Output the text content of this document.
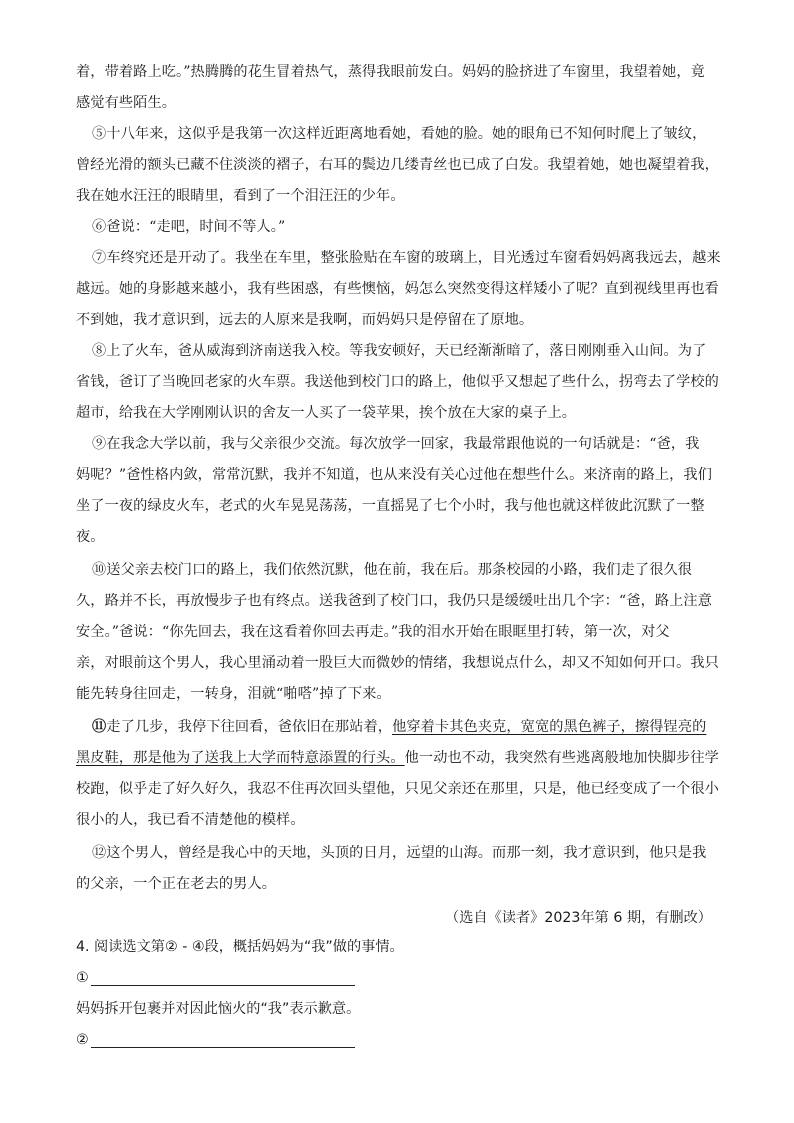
着，带着路上吃。”热腾腾的花生冒着热气，蒸得我眼前发白。妈妈的脸挤进了车窗里，我望着她，竟
感觉有些陌生。
⑤十八年来，这似乎是我第一次这样近距离地看她，看她的脸。她的眼角已不知何时爬上了皱纹，
曾经光滑的额头已藏不住淡淡的褶子，右耳的鬓边几缕青丝也已成了白发。我望着她，她也凝望着我，
我在她水汪汪的眼睛里，看到了一个泪汪汪的少年。
⑥爸说：“走吧，时间不等人。”
⑦车终究还是开动了。我坐在车里，整张脸贴在车窗的玻璃上，目光透过车窗看妈妈离我远去，越来
越远。她的身影越来越小，我有些困惑，有些懊恼，妈怎么突然变得这样矮小了呢？直到视线里再也看
不到她，我才意识到，远去的人原来是我啊，而妈妈只是停留在了原地。
⑧上了火车，爸从威海到济南送我入校。等我安顿好，天已经渐渐暗了，落日刚刚垂入山间。为了
省钱，爸订了当晚回老家的火车票。我送他到校门口的路上，他似乎又想起了些什么，拐弯去了学校的
超市，给我在大学刚刚认识的舍友一人买了一袋苹果，挨个放在大家的桌子上。
⑨在我念大学以前，我与父亲很少交流。每次放学一回家，我最常跟他说的一句话就是：“爸，我
妈呢？”爸性格内敛，常常沉默，我并不知道，也从来没有关心过他在想些什么。来济南的路上，我们
坐了一夜的绿皮火车，老式的火车晃晃荡荡，一直摇晃了七个小时，我与他也就这样彼此沉默了一整
夜。
⑩送父亲去校门口的路上，我们依然沉默，他在前，我在后。那条校园的小路，我们走了很久很
久，路并不长，再放慢步子也有终点。送我爸到了校门口，我仍只是缓缓吐出几个字：“爸，路上注意
安全。”爸说：“你先回去，我在这看着你回去再走。”我的泪水开始在眼眶里打转，第一次，对父
亲，对眼前这个男人，我心里涌动着一股巨大而微妙的情绪，我想说点什么，却又不知如何开口。我只
能先转身往回走，一转身，泪就“啪嗒”掉了下来。
⑪走了几步，我停下往回看，爸依旧在那站着，他穿着卡其色夹克，宽宽的黑色裤子，擦得锃亮的
黑皮鞋，那是他为了送我上大学而特意添置的行头。他一动也不动，我突然有些逃离般地加快脚步往学
校跑，似乎走了好久好久，我忍不住再次回头望他，只见父亲还在那里，只是，他已经变成了一个很小
很小的人，我已看不清楚他的模样。
⑫这个男人，曾经是我心中的天地，头顶的日月，远望的山海。而那一刻，我才意识到，他只是我
的父亲，一个正在老去的男人。
（选自《读者》2023年第 6 期，有删改）
4. 阅读选文第② - ④段，概括妈妈为“我”做的事情。
①
妈妈拆开包裹并对因此恼火的“我”表示歉意。
②
